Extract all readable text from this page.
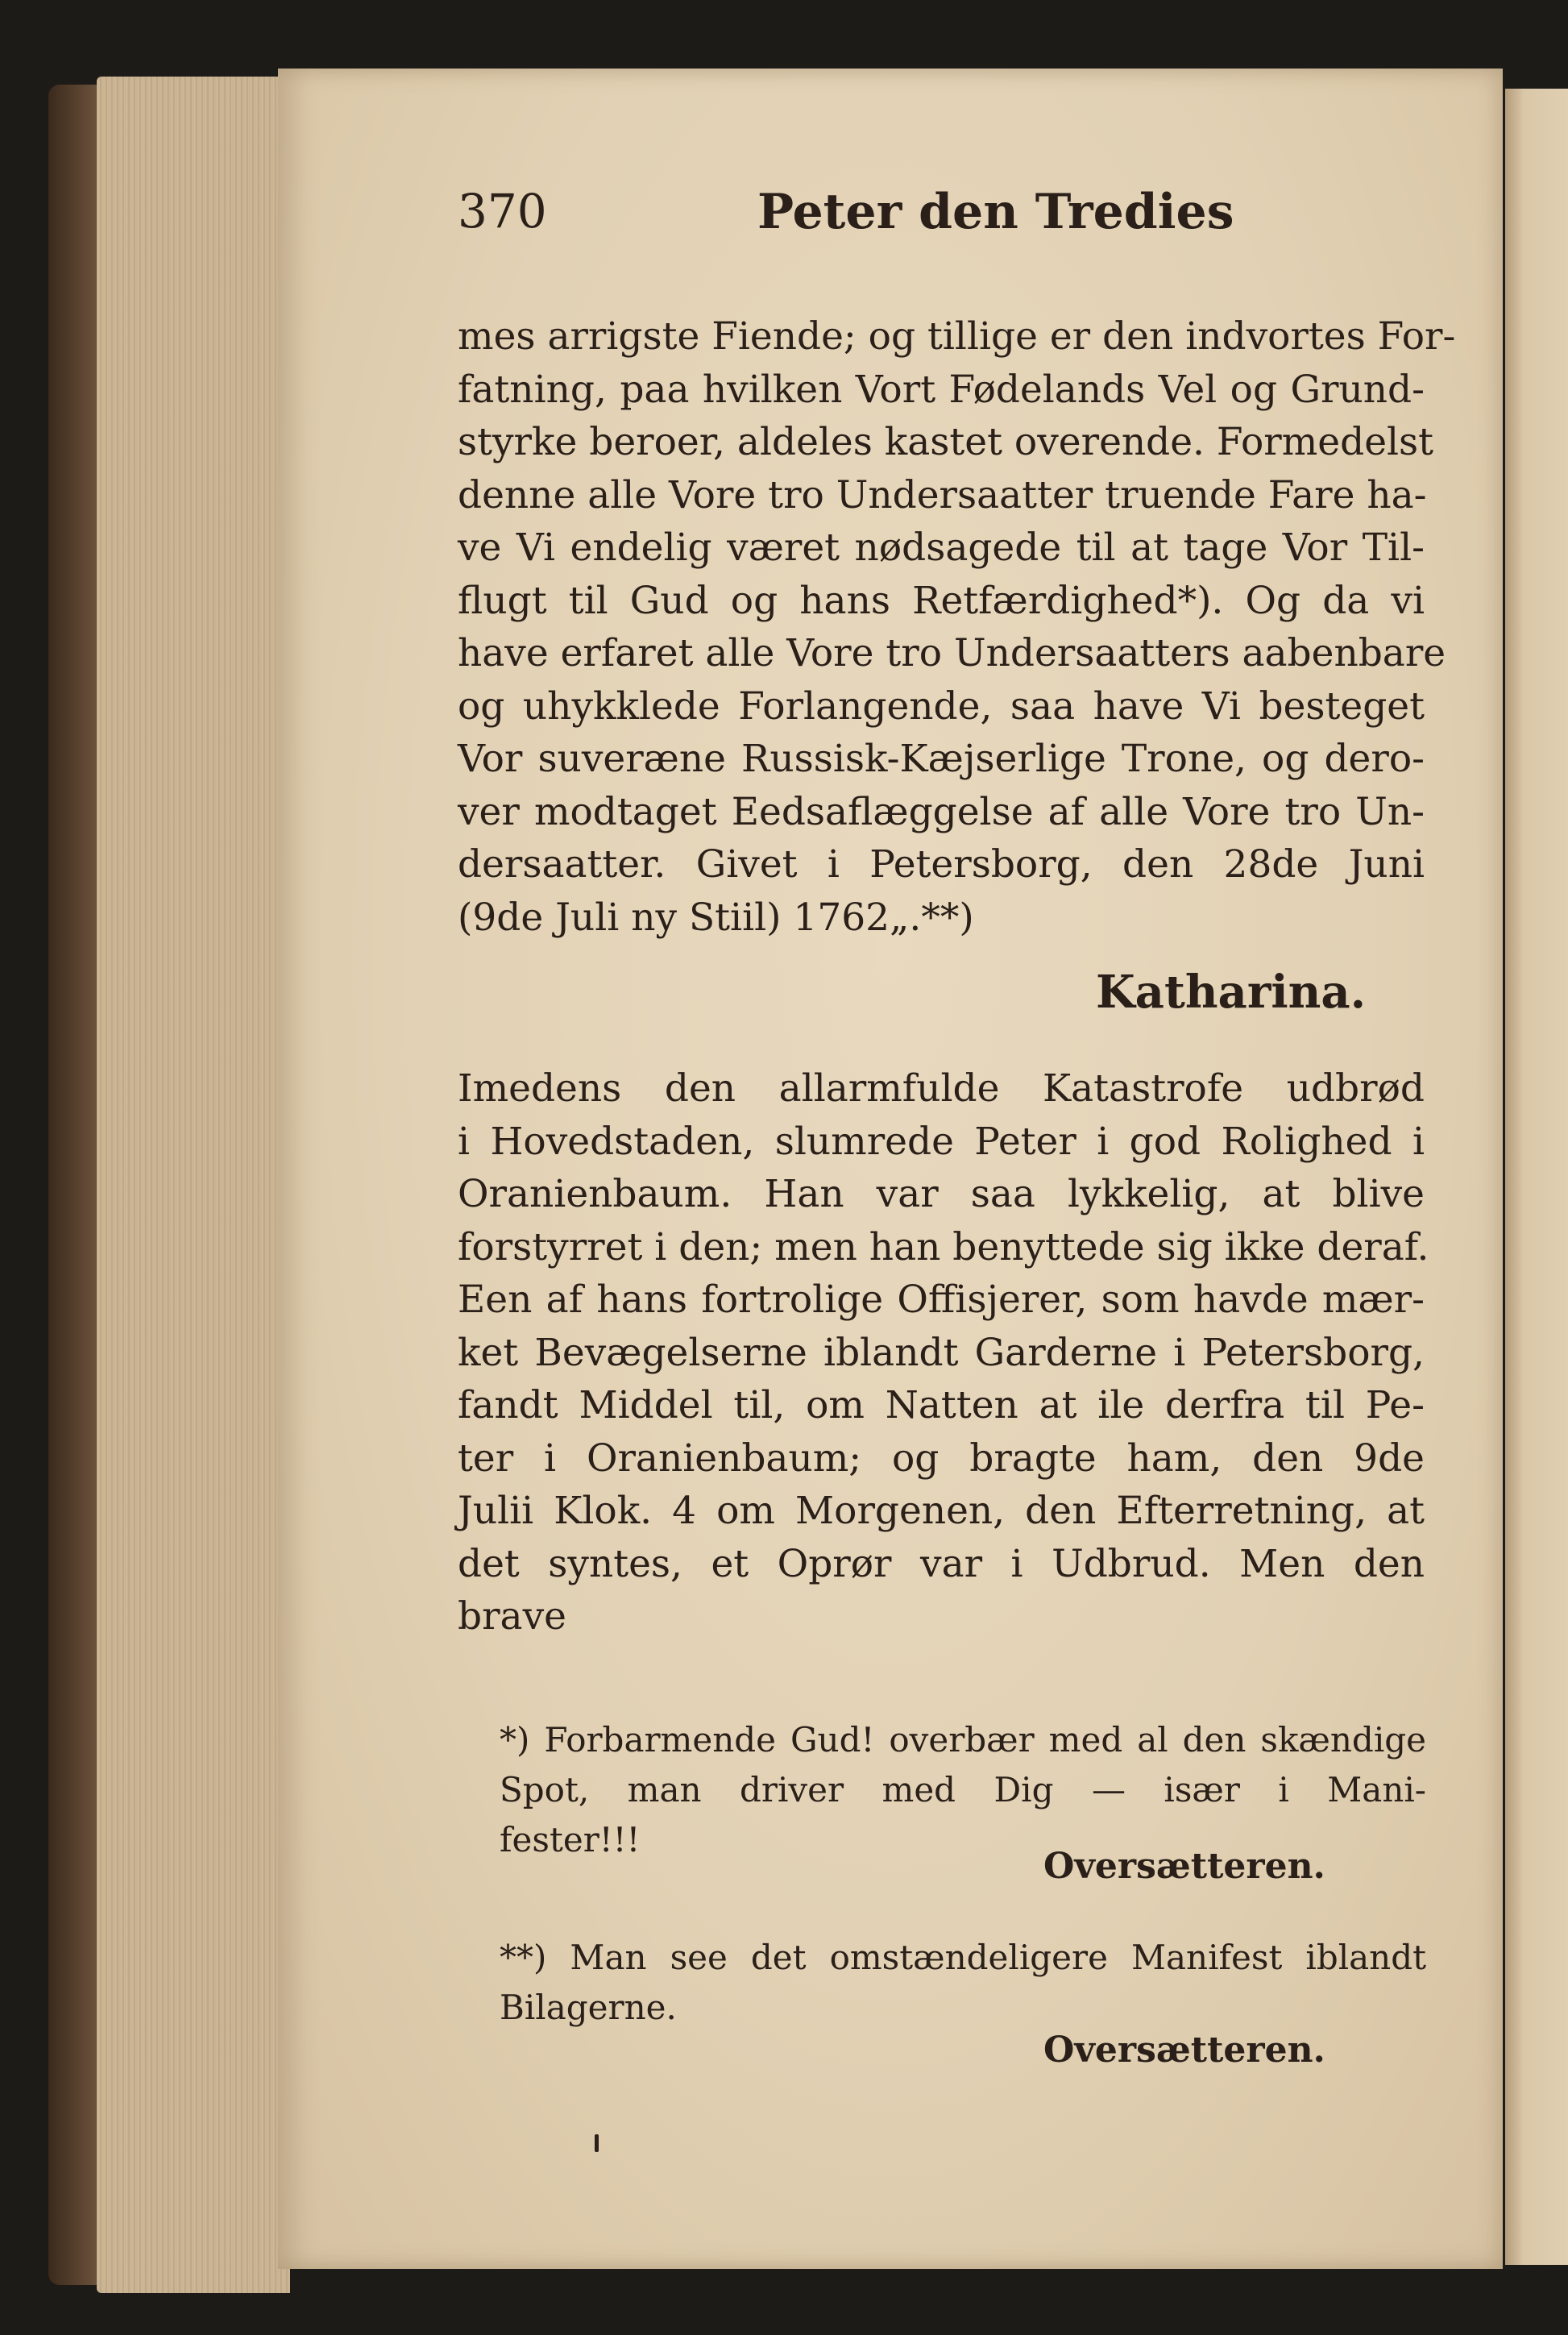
370	Peter den Tredies
mes arrigste Fiende; og tillige er den indvortes For-
fatning, paa hvilken Vort Fødelands Vel og Grund-
styrke beroer, aldeles kastet overende. Formedelst
denne alle Vore tro Undersaatter truende Fare ha-
ve Vi endelig været nødsagede til at tage Vor Til-
flugt til Gud og hans Retfærdighed*). Og da vi
have erfaret alle Vore tro Undersaatters aabenbare
og uhykklede Forlangende, saa have Vi besteget
Vor suveræne Russisk-Kæjserlige Trone, og dero-
ver modtaget Eedsaflæggelse af alle Vore tro Un-
dersaatter. Givet i Petersborg, den 28de Juni
(9de Juli ny Stiil) 1762„.**)
Katharina.
Imedens den allarmfulde Katastrofe udbrød
i Hovedstaden, slumrede Peter i god Rolighed i
Oranienbaum. Han var saa lykkelig, at blive
forstyrret i den; men han benyttede sig ikke deraf.
Een af hans fortrolige Offisjerer, som havde mær-
ket Bevægelserne iblandt Garderne i Petersborg,
fandt Middel til, om Natten at ile derfra til Pe-
ter i Oranienbaum; og bragte ham, den 9de
Julii Klok. 4 om Morgenen, den Efterretning, at
det syntes, et Oprør var i Udbrud. Men den
brave
*) Forbarmende Gud! overbær med al den skændige
Spot, man driver med Dig — især i Mani-
fester!!!
Oversætteren.
**) Man see det omstændeligere Manifest iblandt
Bilagerne.
Oversætteren.
